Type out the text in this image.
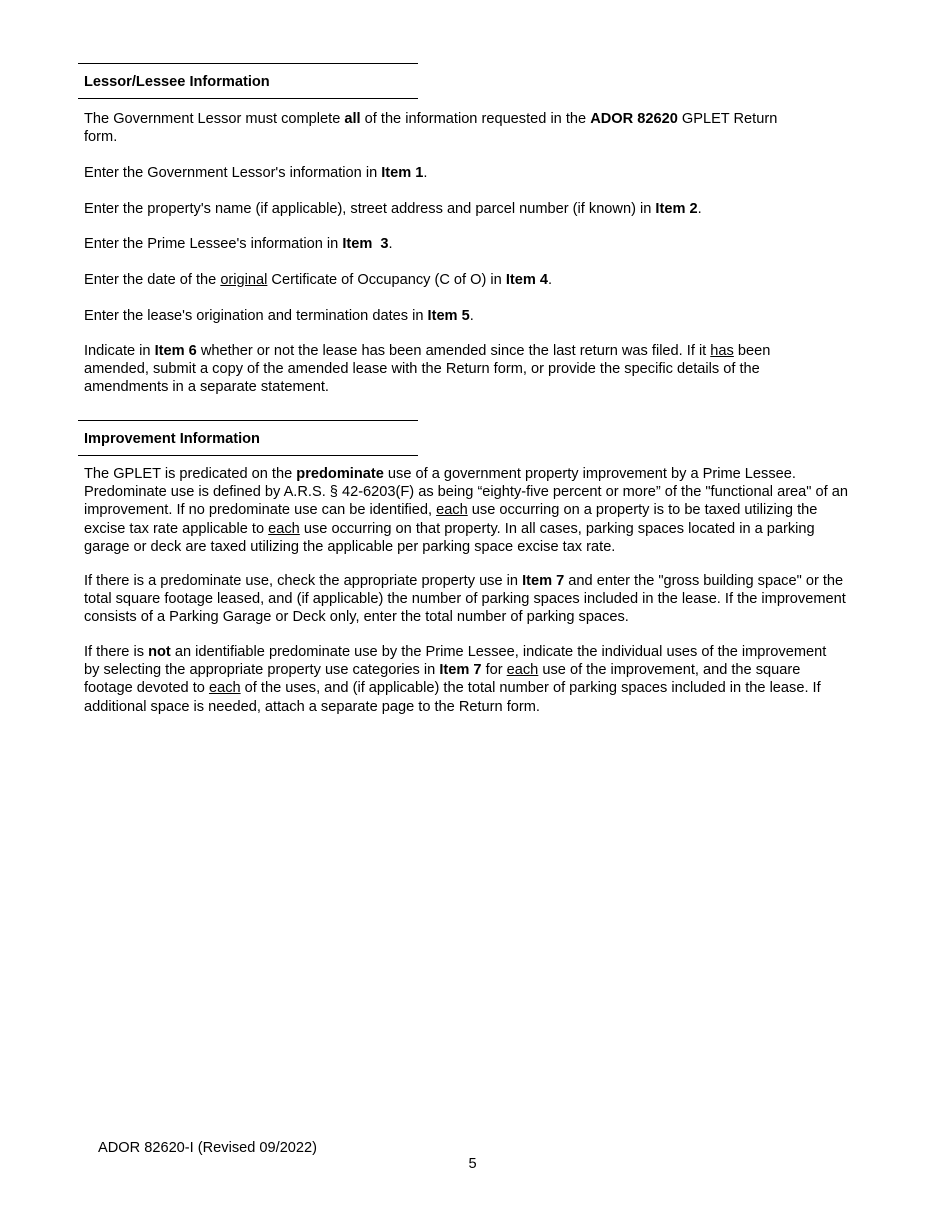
Lessor/Lessee Information

The Government Lessor must complete all of the information requested in the ADOR 82620 GPLET Return form.

Enter the Government Lessor's information in Item 1.

Enter the property's name (if applicable), street address and parcel number (if known) in Item 2.

Enter the Prime Lessee's information in Item  3.

Enter the date of the original Certificate of Occupancy (C of O) in Item 4.

Enter the lease's origination and termination dates in Item 5.

Indicate in Item 6 whether or not the lease has been amended since the last return was filed. If it has been amended, submit a copy of the amended lease with the Return form, or provide the specific details of the amendments in a separate statement.

Improvement Information

The GPLET is predicated on the predominate use of a government property improvement by a Prime Lessee. Predominate use is defined by A.R.S. § 42-6203(F) as being “eighty-five percent or more” of the "functional area" of an improvement. If no predominate use can be identified, each use occurring on a property is to be taxed utilizing the excise tax rate applicable to each use occurring on that property. In all cases, parking spaces located in a parking garage or deck are taxed utilizing the applicable per parking space excise tax rate.

If there is a predominate use, check the appropriate property use in Item 7 and enter the "gross building space" or the total square footage leased, and (if applicable) the number of parking spaces included in the lease. If the improvement consists of a Parking Garage or Deck only, enter the total number of parking spaces.

If there is not an identifiable predominate use by the Prime Lessee, indicate the individual uses of the improvement by selecting the appropriate property use categories in Item 7 for each use of the improvement, and the square footage devoted to each of the uses, and (if applicable) the total number of parking spaces included in the lease. If additional space is needed, attach a separate page to the Return form.

ADOR 82620-I (Revised 09/2022)
5
